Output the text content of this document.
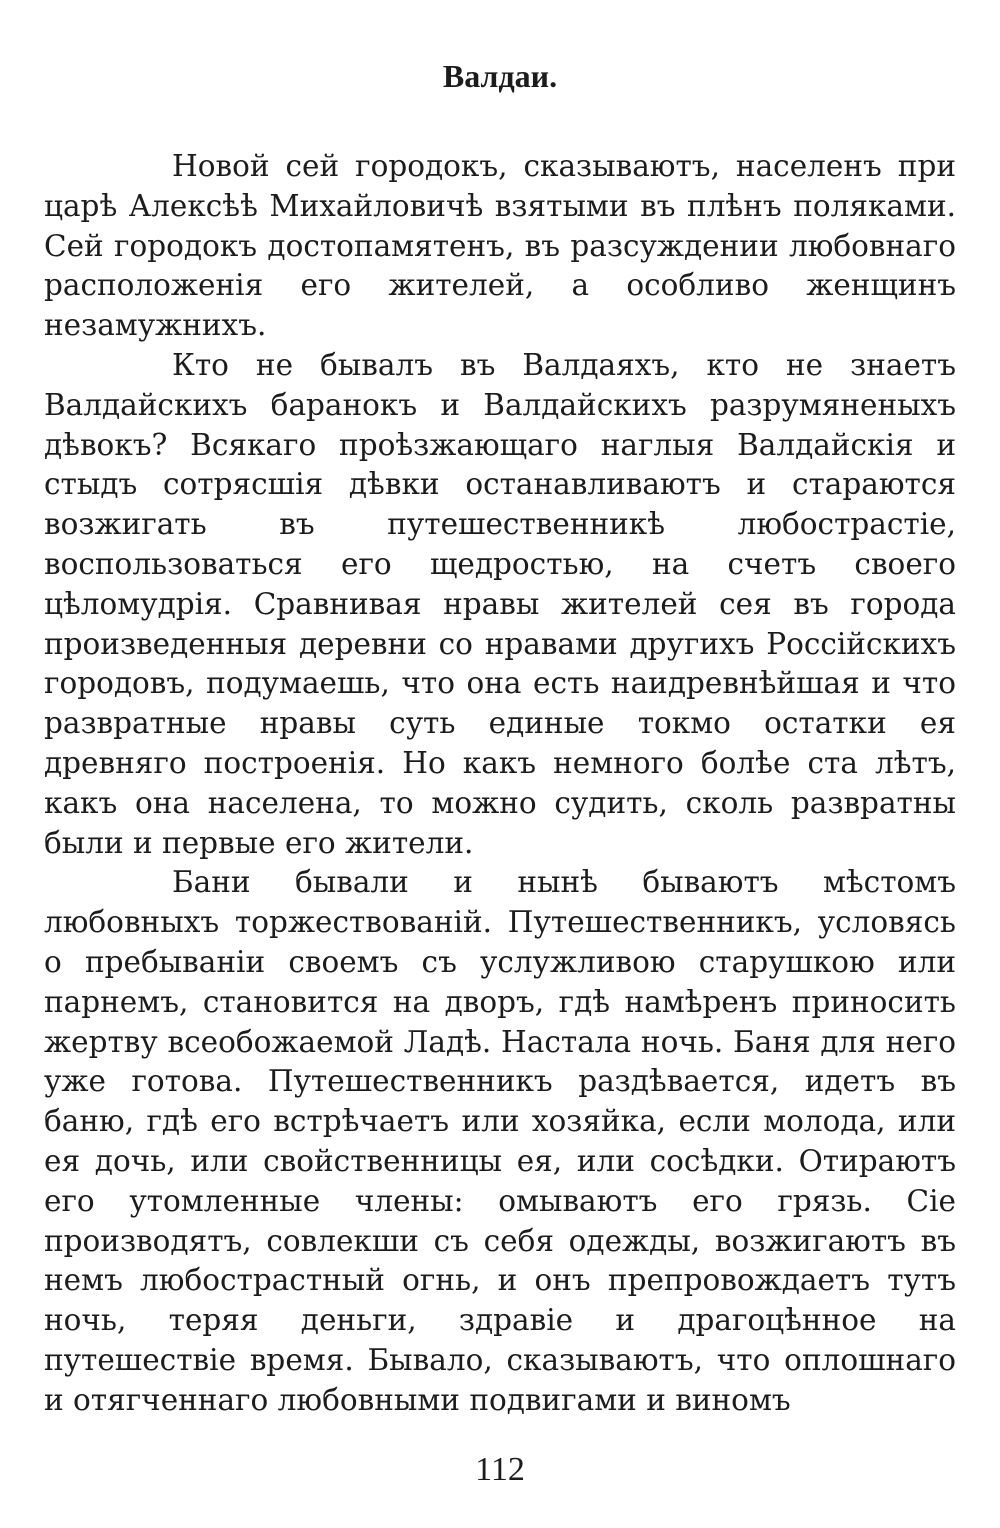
Валдаи.

Новой сей городокъ, сказываютъ, населенъ при царѣ Алексѣѣ Михайловичѣ взятыми въ плѣнъ поляками. Сей городокъ достопамятенъ, въ разсуждении любовнаго расположенія его жителей, а особливо женщинъ незамужнихъ.

Кто не бывалъ въ Валдаяхъ, кто не знаетъ Валдайскихъ баранокъ и Валдайскихъ разрумяненыхъ дѣвокъ? Всякаго проѣзжающаго наглыя Валдайскія и стыдъ сотрясшія дѣвки останавливаютъ и стараются возжигать въ путешественникѣ любострастіе, воспользоваться его щедростью, на счетъ своего цѣломудрія. Сравнивая нравы жителей сея въ города произведенныя деревни со нравами другихъ Россійскихъ городовъ, подумаешь, что она есть наидревнѣйшая и что развратные нравы суть единые токмо остатки ея древняго построенія. Но какъ немного болѣе ста лѣтъ, какъ она населена, то можно судить, сколь развратны были и первые его жители.

Бани бывали и нынѣ бываютъ мѣстомъ любовныхъ торжествованій. Путешественникъ, условясь о пребываніи своемъ съ услужливою старушкою или парнемъ, становится на дворъ, гдѣ намѣренъ приносить жертву всеобожаемой Ладѣ. Настала ночь. Баня для него уже готова. Путешественникъ раздѣвается, идетъ въ баню, гдѣ его встрѣчаетъ или хозяйка, если молода, или ея дочь, или свойственницы ея, или сосѣдки. Отираютъ его утомленные члены: омываютъ его грязь. Сіе производятъ, совлекши съ себя одежды, возжигаютъ въ немъ любострастный огнь, и онъ препровождаетъ тутъ ночь, теряя деньги, здравіе и драгоцѣнное на путешествіе время. Бывало, сказываютъ, что оплошнаго и отягченнаго любовными подвигами и виномъ

112
